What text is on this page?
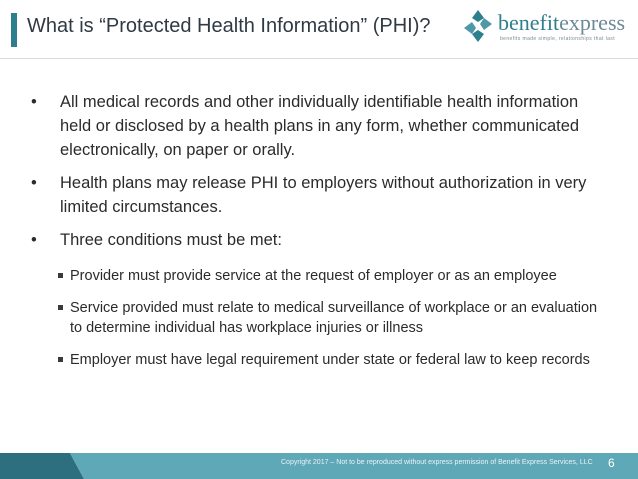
What is “Protected Health Information” (PHI)?	benefitexpress
benefits made simple, relationships that last
• All medical records and other individually identifiable health information held or disclosed by a health plans in any form, whether communicated electronically, on paper or orally.
• Health plans may release PHI to employers without authorization in very limited circumstances.
• Three conditions must be met:
Provider must provide service at the request of employer or as an employee
Service provided must relate to medical surveillance of workplace or an evaluation to determine individual has workplace injuries or illness
Employer must have legal requirement under state or federal law to keep records
Copyright 2017 – Not to be reproduced without express permission of Benefit Express Services, LLC 6
